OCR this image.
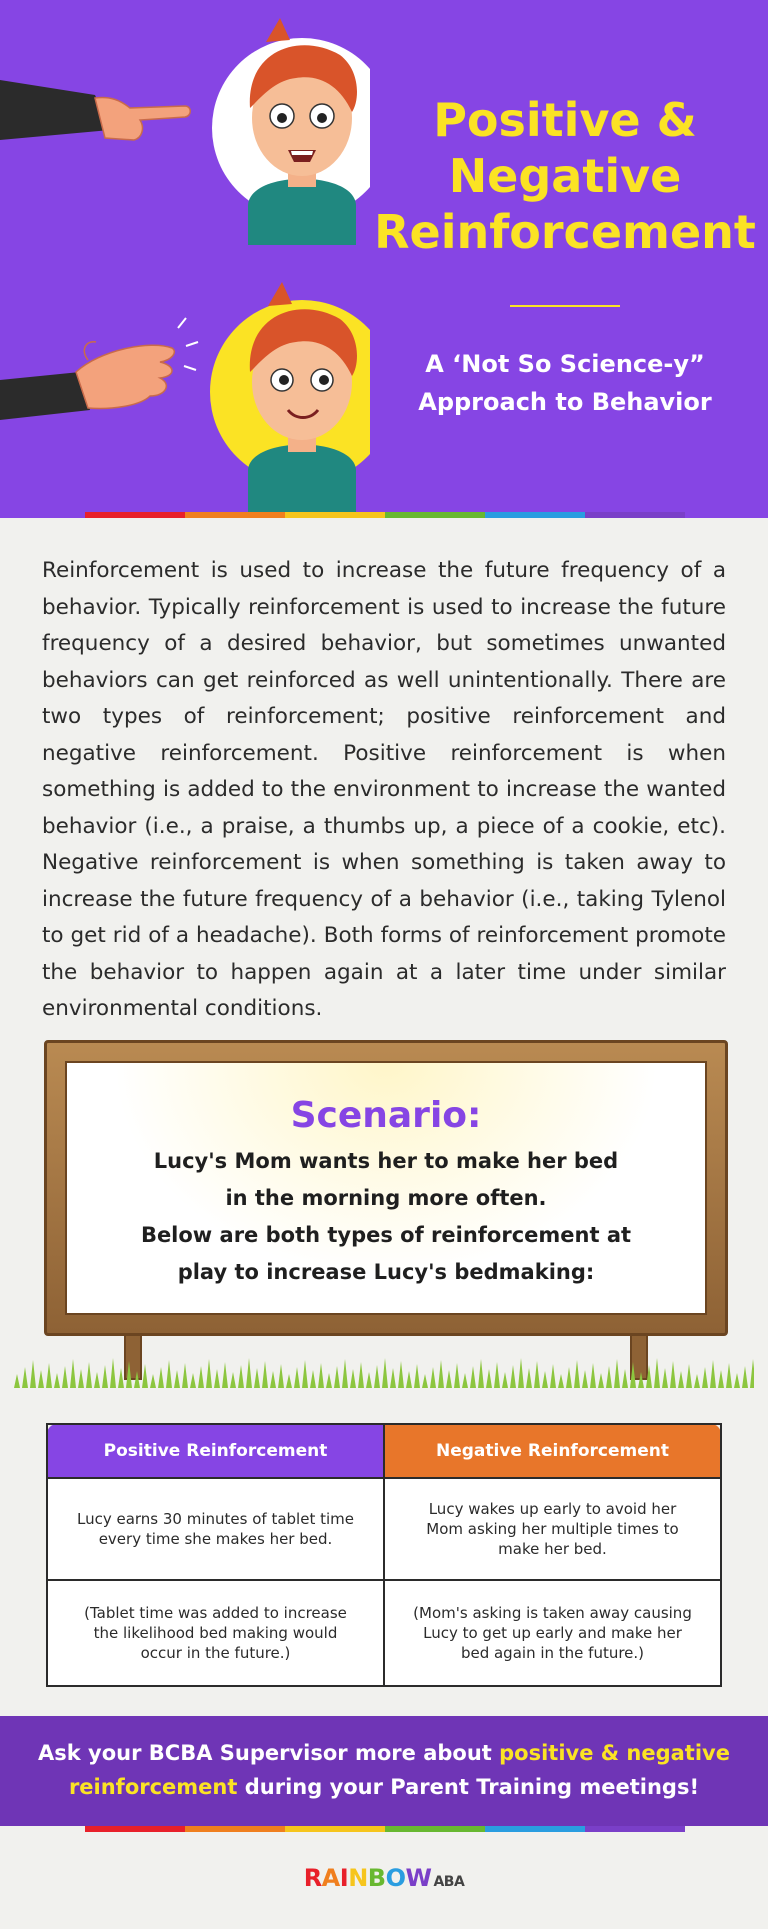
Positive & Negative Reinforcement
A ‘Not So Science-y” Approach to Behavior

Reinforcement is used to increase the future frequency of a behavior. Typically reinforcement is used to increase the future frequency of a desired behavior, but sometimes unwanted behaviors can get reinforced as well unintentionally. There are two types of reinforcement; positive reinforcement and negative reinforcement. Positive reinforcement is when something is added to the environment to increase the wanted behavior (i.e., a praise, a thumbs up, a piece of a cookie, etc). Negative reinforcement is when something is taken away to increase the future frequency of a behavior (i.e., taking Tylenol to get rid of a headache). Both forms of reinforcement promote the behavior to happen again at a later time under similar environmental conditions.

Scenario:
Lucy's Mom wants her to make her bed
in the morning more often.
Below are both types of reinforcement at
play to increase Lucy's bedmaking:
Positive Reinforcement	Negative Reinforcement
Lucy earns 30 minutes of tablet time every time she makes her bed.	Lucy wakes up early to avoid her Mom asking her multiple times to make her bed.
(Tablet time was added to increase the likelihood bed making would occur in the future.)	(Mom's asking is taken away causing Lucy to get up early and make her bed again in the future.)
Ask your BCBA Supervisor more about positive & negative reinforcement during your Parent Training meetings!
RAINBOW ABA
